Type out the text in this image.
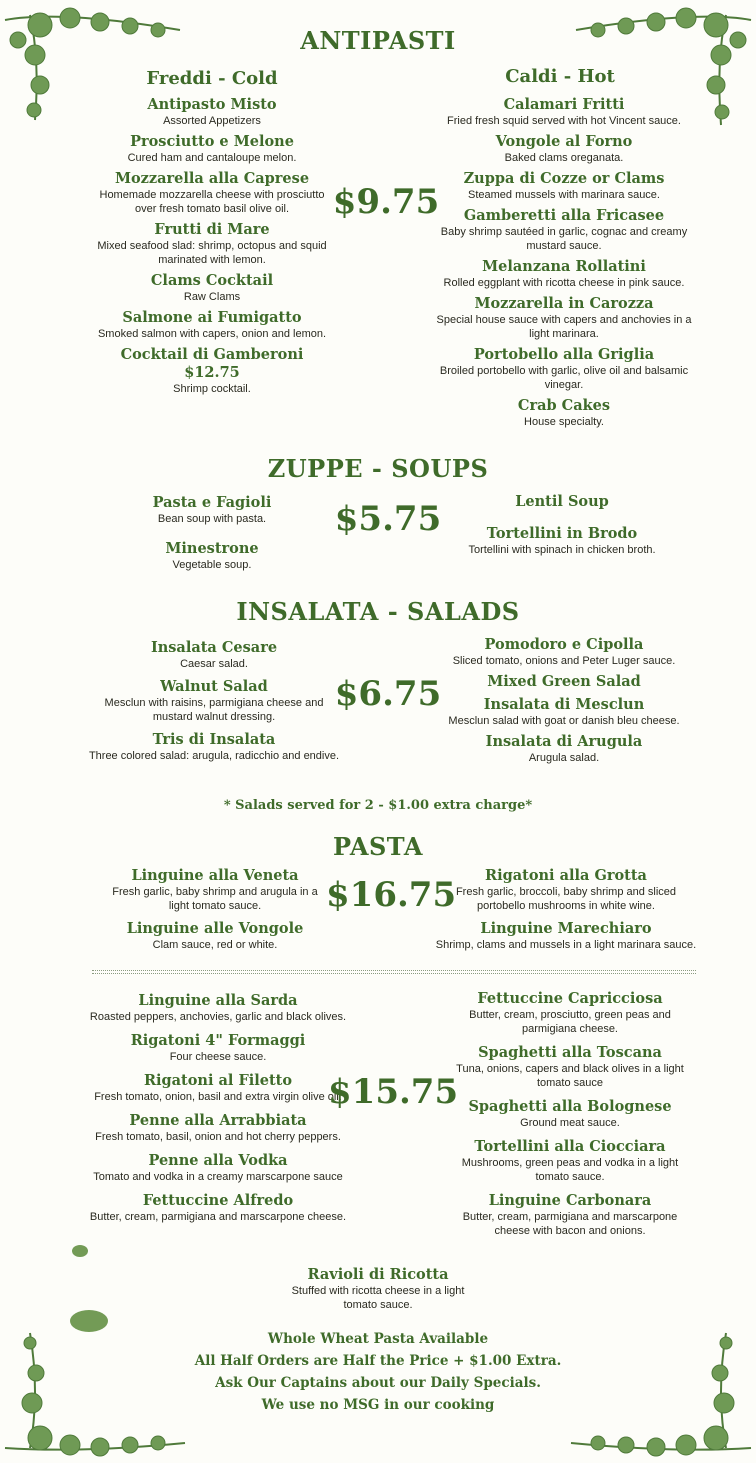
ANTIPASTI
Freddi - Cold	Caldi - Hot
Antipasto Misto
Assorted Appetizers
Prosciutto e Melone
Cured ham and cantaloupe melon.
Mozzarella alla Caprese
Homemade mozzarella cheese with prosciutto over fresh tomato basil olive oil.
Frutti di Mare
Mixed seafood slad: shrimp, octopus and squid marinated with lemon.
Clams Cocktail
Raw Clams
Salmone ai Fumigatto
Smoked salmon with capers, onion and lemon.
Cocktail di Gamberoni $12.75
Shrimp cocktail.
$9.75
Calamari Fritti
Fried fresh squid served with hot Vincent sauce.
Vongole al Forno
Baked clams oreganata.
Zuppa di Cozze or Clams
Steamed mussels with marinara sauce.
Gamberetti alla Fricasee
Baby shrimp sautéed in garlic, cognac and creamy mustard sauce.
Melanzana Rollatini
Rolled eggplant with ricotta cheese in pink sauce.
Mozzarella in Carozza
Special house sauce with capers and anchovies in a light marinara.
Portobello alla Griglia
Broiled portobello with garlic, olive oil and balsamic vinegar.
Crab Cakes
House specialty.
ZUPPE - SOUPS
Pasta e Fagioli
Bean soup with pasta.
Minestrone
Vegetable soup.
$5.75	Lentil Soup
Tortellini in Brodo
Tortellini with spinach in chicken broth.
INSALATA - SALADS
Insalata Cesare
Caesar salad.
Walnut Salad
Mesclun with raisins, parmigiana cheese and mustard walnut dressing.
Tris di Insalata
Three colored salad: arugula, radicchio and endive.
$6.75
Pomodoro e Cipolla
Sliced tomato, onions and Peter Luger sauce.
Mixed Green Salad
Insalata di Mesclun
Mesclun salad with goat or danish bleu cheese.
Insalata di Arugula
Arugula salad.
* Salads served for 2 - $1.00 extra charge*
PASTA
Linguine alla Veneta
Fresh garlic, baby shrimp and arugula in a light tomato sauce.
Linguine alle Vongole
Clam sauce, red or white.
$16.75	Rigatoni alla Grotta
Fresh garlic, broccoli, baby shrimp and sliced portobello mushrooms in white wine.
Linguine Marechiaro
Shrimp, clams and mussels in a light marinara sauce.
Linguine alla Sarda
Roasted peppers, anchovies, garlic and black olives.
Rigatoni 4" Formaggi
Four cheese sauce.
Rigatoni al Filetto
Fresh tomato, onion, basil and extra virgin olive oil.
Penne alla Arrabbiata
Fresh tomato, basil, onion and hot cherry peppers.
Penne alla Vodka
Tomato and vodka in a creamy marscarpone sauce
Fettuccine Alfredo
Butter, cream, parmigiana and marscarpone cheese.
$15.75
Fettuccine Capricciosa
Butter, cream, prosciutto, green peas and parmigiana cheese.
Spaghetti alla Toscana
Tuna, onions, capers and black olives in a light tomato sauce
Spaghetti alla Bolognese
Ground meat sauce.
Tortellini alla Ciocciara
Mushrooms, green peas and vodka in a light tomato sauce.
Linguine Carbonara
Butter, cream, parmigiana and marscarpone cheese with bacon and onions.
Ravioli di Ricotta
Stuffed with ricotta cheese in a light tomato sauce.
Whole Wheat Pasta Available
All Half Orders are Half the Price + $1.00 Extra.
Ask Our Captains about our Daily Specials.
We use no MSG in our cooking
